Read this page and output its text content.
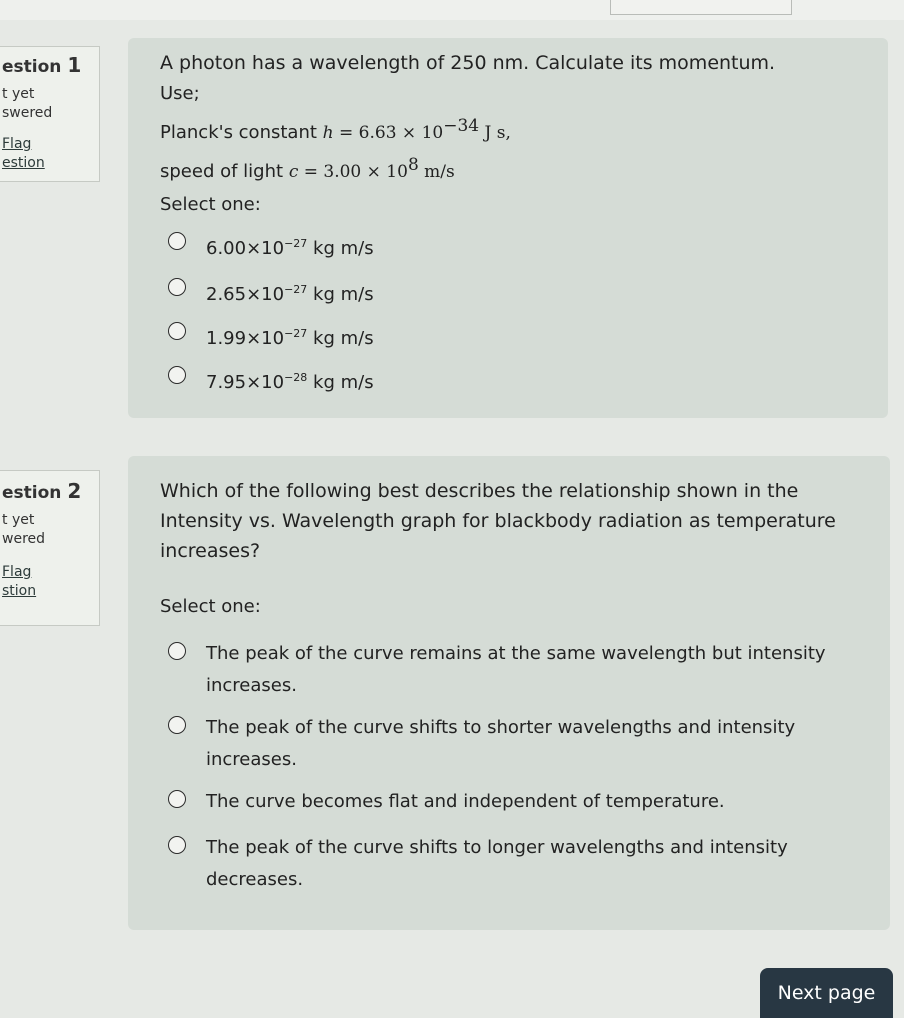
estion 1
t yet
swered
Flag
estion
A photon has a wavelength of 250 nm. Calculate its momentum.
Use;
Planck's constant $h = 6.63 \times 10^{-34}$ J s,
speed of light $c = 3.00 \times 10^8$ m/s
Select one:
$6.00\times 10^{-27}$ kg m/s
$2.65\times 10^{-27}$ kg m/s
$1.99\times 10^{-27}$ kg m/s
$7.95\times 10^{-28}$ kg m/s
estion 2
t yet
wered
Flag
stion
Which of the following best describes the relationship shown in the
Intensity vs. Wavelength graph for blackbody radiation as temperature
increases?
Select one:
The peak of the curve remains at the same wavelength but intensity
increases.
The peak of the curve shifts to shorter wavelengths and intensity
increases.
The curve becomes flat and independent of temperature.
The peak of the curve shifts to longer wavelengths and intensity
decreases.
Next page
